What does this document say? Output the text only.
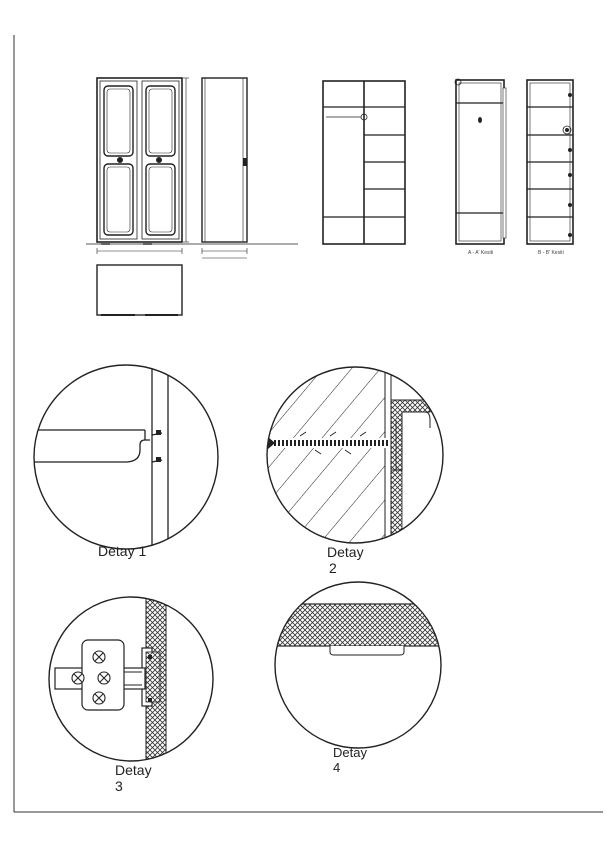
A - A' Kesiti	B - B' Kesiti
Detay 1	Detay
2
Detay
3
Detay
4
